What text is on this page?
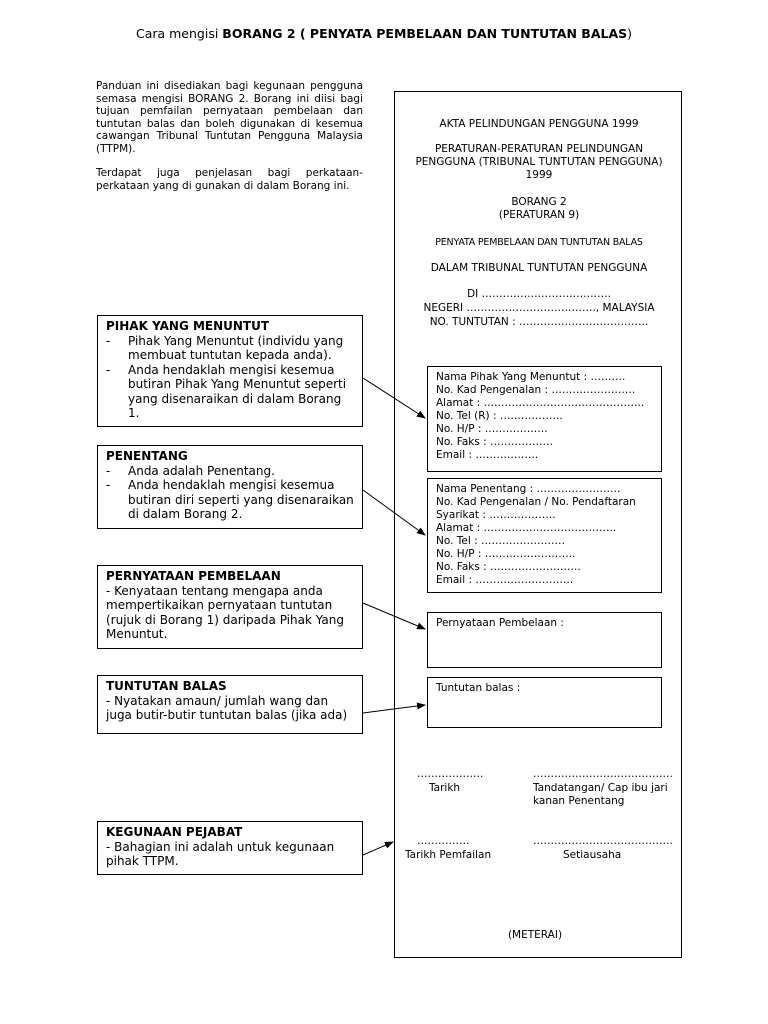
Cara mengisi BORANG 2 ( PENYATA PEMBELAAN DAN TUNTUTAN BALAS)

Panduan ini disediakan bagi kegunaan pengguna semasa mengisi BORANG 2. Borang ini diisi bagi tujuan pemfailan pernyataan pembelaan dan tuntutan balas dan boleh digunakan di kesemua cawangan Tribunal Tuntutan Pengguna Malaysia (TTPM).

Terdapat juga penjelasan bagi perkataan-perkataan yang di gunakan di dalam Borang ini.

PIHAK YANG MENUNTUT
- Pihak Yang Menuntut (individu yang membuat tuntutan kepada anda).
- Anda hendaklah mengisi kesemua butiran Pihak Yang Menuntut seperti yang disenaraikan di dalam Borang 1.
PENENTANG
- Anda adalah Penentang.
- Anda hendaklah mengisi kesemua butiran diri seperti yang disenaraikan di dalam Borang 2.
PERNYATAAN PEMBELAAN
- Kenyataan tentang mengapa anda mempertikaikan pernyataan tuntutan (rujuk di Borang 1) daripada Pihak Yang Menuntut.
TUNTUTAN BALAS
- Nyatakan amaun/ jumlah wang dan juga butir-butir tuntutan balas (jika ada)
KEGUNAAN PEJABAT
- Bahagian ini adalah untuk kegunaan pihak TTPM.
AKTA PELINDUNGAN PENGGUNA 1999
PERATURAN-PERATURAN PELINDUNGAN PENGGUNA (TRIBUNAL TUNTUTAN PENGGUNA) 1999
BORANG 2
(PERATURAN 9)
PENYATA PEMBELAAN DAN TUNTUTAN BALAS
DALAM TRIBUNAL TUNTUTAN PENGGUNA
DI ……………………………….
NEGERI ………………………………., MALAYSIA
NO. TUNTUTAN : ……………………………….
Nama Pihak Yang Menuntut : ……….
No. Kad Pengenalan : ……………………
Alamat : ……………………………………….
No. Tel (R) : ………………
No. H/P : ………………
No. Faks : ………………
Email : ………………
Nama Penentang : ……………………
No. Kad Pengenalan / No. Pendaftaran
Syarikat : ……………….
Alamat : ………………………………..
No. Tel : ……………………
No. H/P : ……………………..
No. Faks : ……………………..
Email : ……………………….
Pernyataan Pembelaan :
Tuntutan balas :
……………….
Tarikh
………………………………….
Tandatangan/ Cap ibu jari kanan Penentang
……………
Tarikh Pemfailan
………………………………….
Setiausaha
(METERAI)
